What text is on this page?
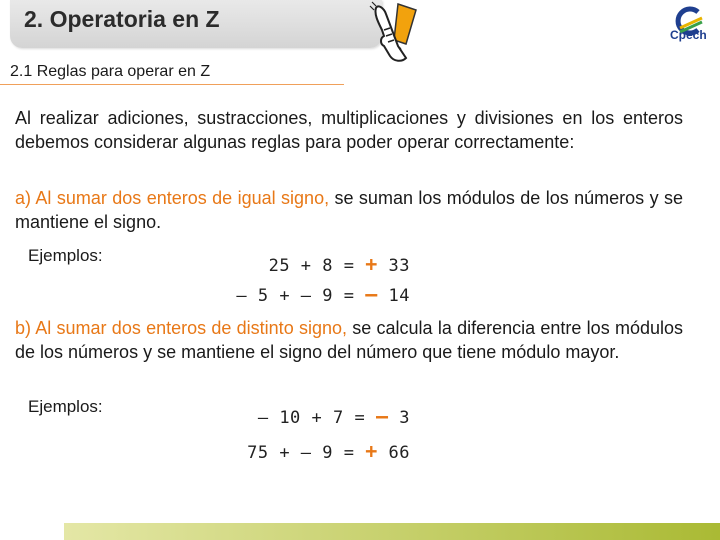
2. Operatoria en Z
Cpech
2.1 Reglas para operar en Z

Al realizar adiciones, sustracciones, multiplicaciones y divisiones en los enteros debemos considerar algunas reglas para poder operar correctamente:

a) Al sumar dos enteros de igual signo, se suman los módulos de los números y se mantiene el signo.

Ejemplos:
25 + 8 = + 33
– 5 + – 9 = – 14

b) Al sumar dos enteros de distinto signo, se calcula la diferencia entre los módulos de los números y se mantiene el signo del número que tiene módulo mayor.

Ejemplos:
– 10 + 7 = – 3
75 + – 9 = + 66
